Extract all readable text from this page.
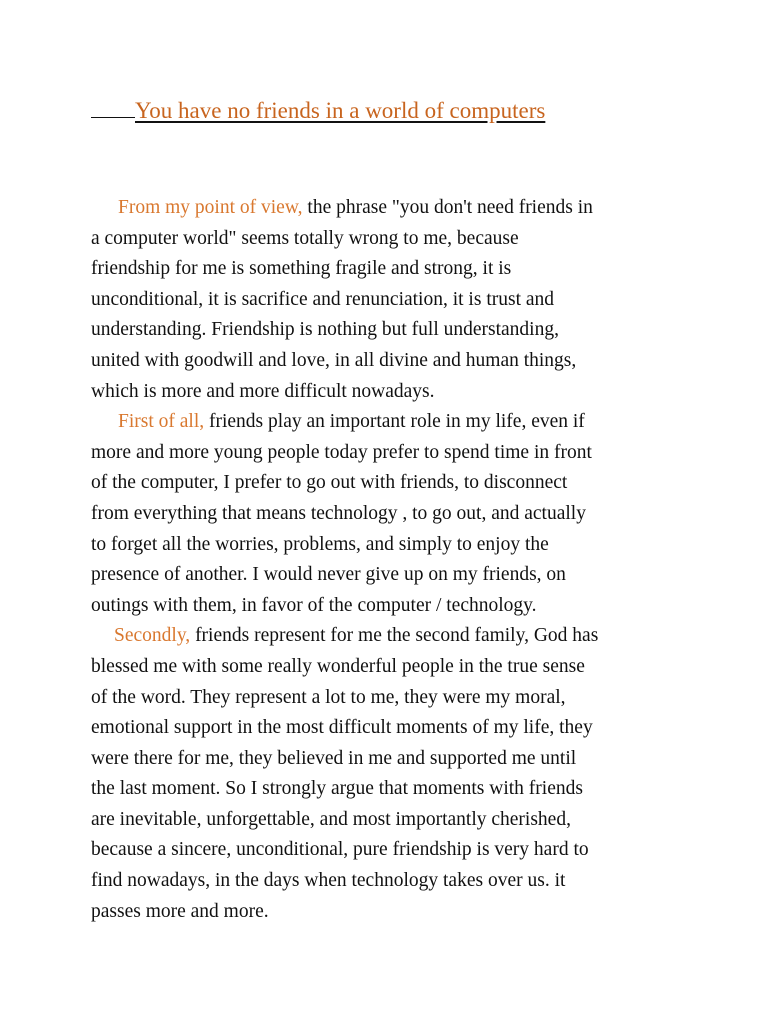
You have no friends in a world of computers
From my point of view, the phrase "you don't need friends in
a computer world" seems totally wrong to me, because
friendship for me is something fragile and strong, it is
unconditional, it is sacrifice and renunciation, it is trust and
understanding. Friendship is nothing but full understanding,
united with goodwill and love, in all divine and human things,
which is more and more difficult nowadays.
First of all, friends play an important role in my life, even if
more and more young people today prefer to spend time in front
of the computer, I prefer to go out with friends, to disconnect
from everything that means technology , to go out, and actually
to forget all the worries, problems, and simply to enjoy the
presence of another. I would never give up on my friends, on
outings with them, in favor of the computer / technology.
Secondly, friends represent for me the second family, God has
blessed me with some really wonderful people in the true sense
of the word. They represent a lot to me, they were my moral,
emotional support in the most difficult moments of my life, they
were there for me, they believed in me and supported me until
the last moment. So I strongly argue that moments with friends
are inevitable, unforgettable, and most importantly cherished,
because a sincere, unconditional, pure friendship is very hard to
find nowadays, in the days when technology takes over us. it
passes more and more.
